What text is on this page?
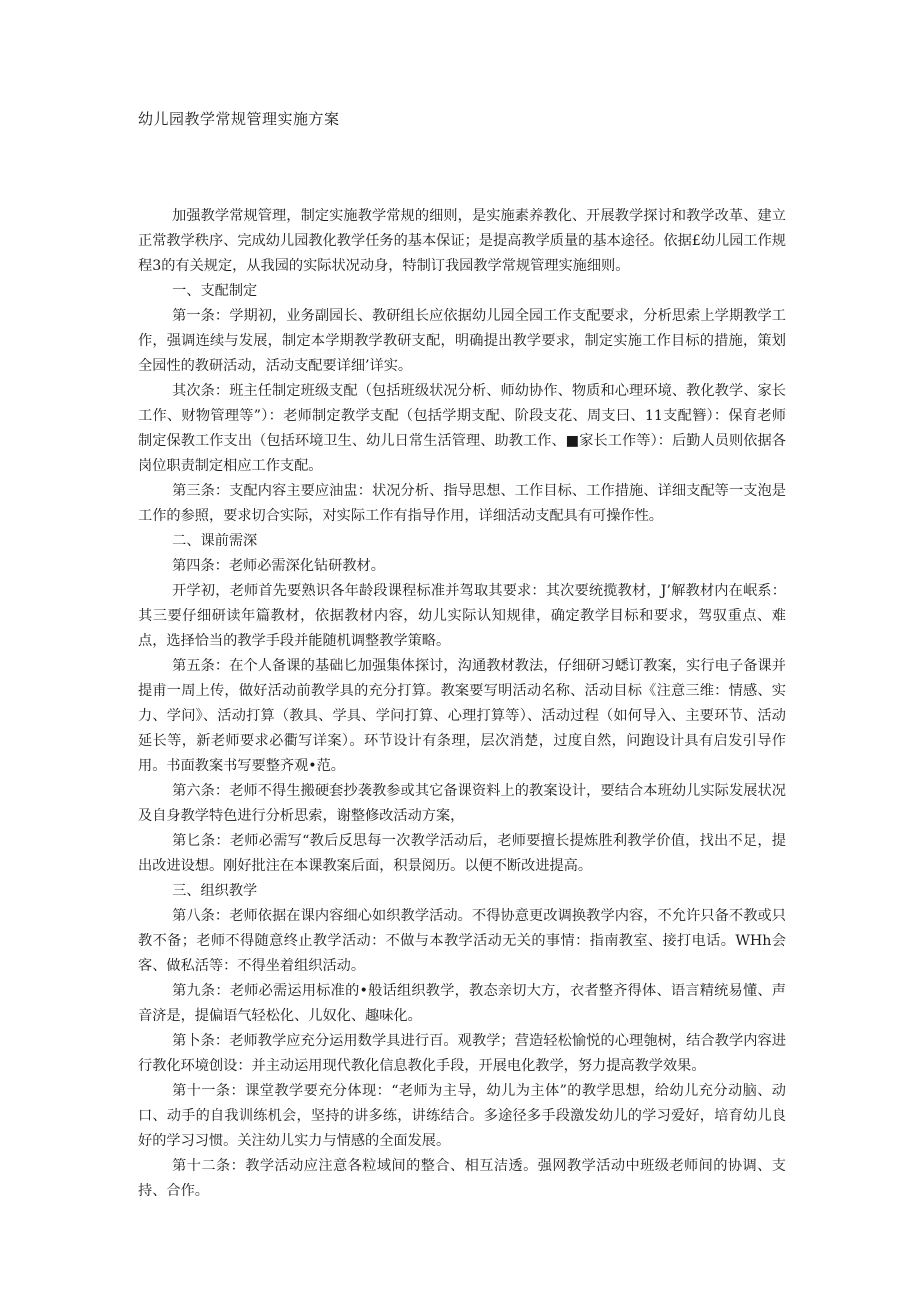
幼儿园教学常规管理实施方案

加强教学常规管理，制定实施教学常规的细则，是实施素养教化、开展教学探讨和教学改革、建立正常教学秩序、完成幼儿园教化教学任务的基本保证；是提高教学质量的基本途径。依据£幼儿园工作规程3的有关规定，从我园的实际状况动身，特制订我园教学常规管理实施细则。

一、支配制定

第一条：学期初，业务副园长、教研组长应依据幼儿园全园工作支配要求，分析思索上学期教学工作，强调连续与发展，制定本学期教学教研支配，明确提出教学要求，制定实施工作目标的措施，策划全园性的教研活动，活动支配要详细’详实。

其次条：班主任制定班级支配（包括班级状况分析、师幼协作、物质和心理环境、教化教学、家长工作、财物管理等”）：老师制定教学支配（包括学期支配、阶段支花、周支曰、11支配簪）：保育老师制定保教工作支出（包括环境卫生、幼儿日常生活管理、助教工作、■家长工作等）：后勤人员则依据各岗位职责制定相应工作支配。

第三条：支配内容主要应油盅：状况分析、指导思想、工作目标、工作措施、详细支配等一支泡是工作的参照，要求切合实际，对实际工作有指导作用，详细活动支配具有可操作性。

二、课前需深

第四条：老师必需深化钻研教材。

开学初，老师首先要熟识各年龄段课程标准并驾取其要求：其次要统揽教材，J’解教材内在岷系：其三要仔细研读年篇教材，依据教材内容，幼儿实际认知规律，确定教学目标和要求，驾驭重点、难点，选择恰当的教学手段并能随机调整教学策略。

第五条：在个人备课的基础匕加强集体探讨，沟通教材教法，仔细研习蟋订教案，实行电子备课并提甫一周上传，做好活动前教学具的充分打算。教案要写明活动名称、活动目标《注意三维：情感、实力、学问》、活动打算（教具、学具、学问打算、心理打算等）、活动过程（如何导入、主要环节、活动延长等，新老师要求必衢写详案）。环节设计有条理，层次消楚，过度自然，问跑设计具有启发引导作用。书面教案书写要整齐观•范。

第六条：老师不得生搬硬套抄袭教参或其它备课资料上的教案设计，要结合本班幼儿实际发展状况及自身教学特色进行分析思索，谢整修改活动方案，

第匕条：老师必需写“教后反思每一次教学活动后，老师要擅长提炼胜利教学价值，找出不足，提出改进设想。刚好批注在本课教案后面，积景阅历。以便不断改进提高。

三、组织教学

第八条：老师依据在课内容细心如织教学活动。不得协意更改调换教学内容，不允许只备不教或只教不备；老师不得随意终止教学活动：不做与本教学活动无关的事情：指南教室、接打电话。WHh会客、做私活等：不得坐着组织活动。

第九条：老师必需运用标准的•般话组织教学，教态亲切大方，衣者整齐得体、语言精统易懂、声音济是，提偏语气轻松化、儿奴化、趣味化。

第卜条：老师教学应充分运用数学具进行百。观教学；营造轻松愉悦的心理匏树，结合教学内容进行教化环境创设：并主动运用现代教化信息教化手段，开展电化教学，努力提高教学效果。

第十一条：课堂教学要充分体现：“老师为主导，幼儿为主体”的教学思想，给幼儿充分动脑、动口、动手的自我训练机会，坚持的讲多练，讲练结合。多途径多手段激发幼儿的学习爱好，培育幼儿良好的学习习惯。关注幼儿实力与情感的全面发展。

第十二条：教学活动应注意各粒域间的整合、相互洁透。强网教学活动中班级老师间的协调、支持、合作。
